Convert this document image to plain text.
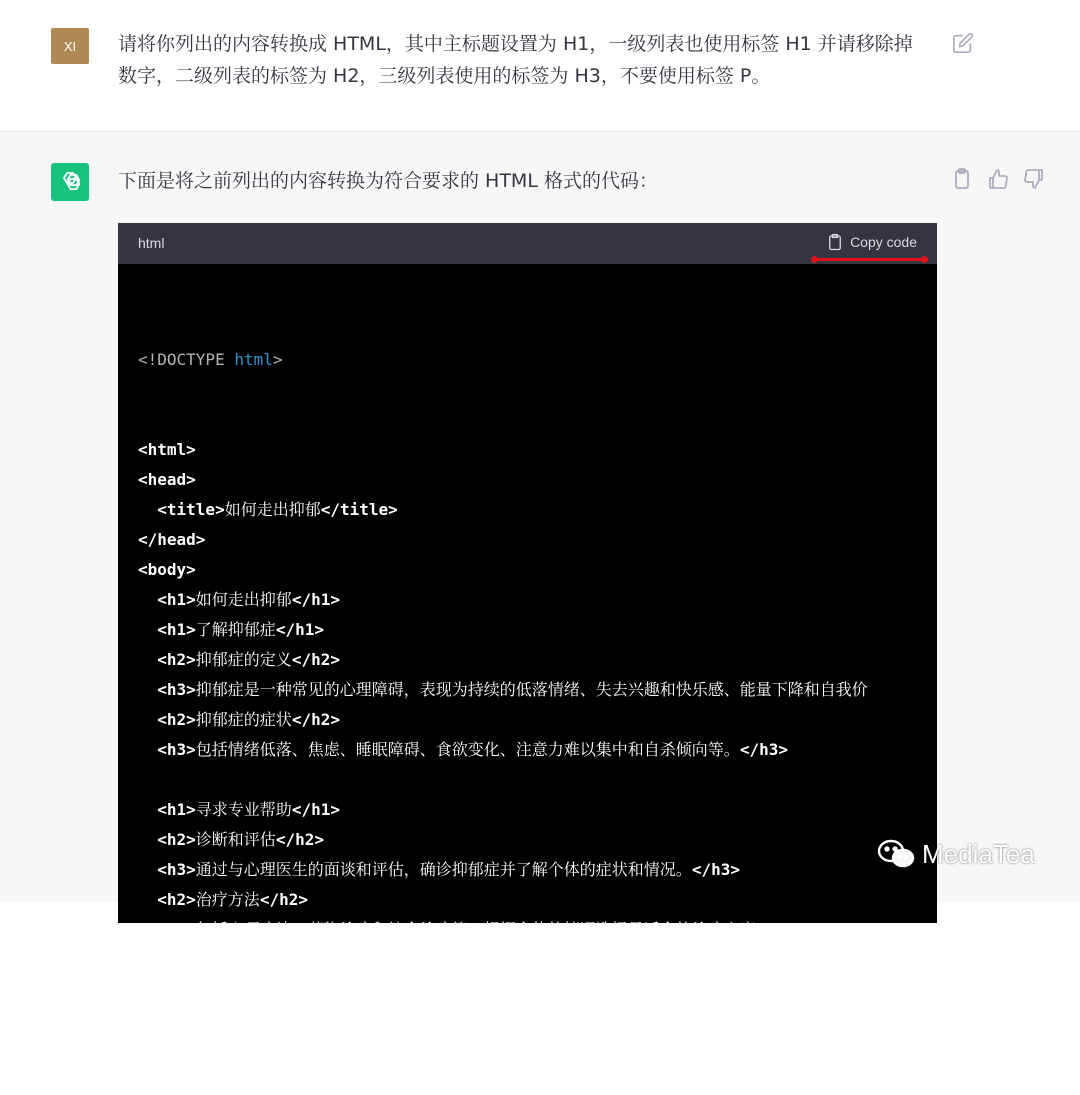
XI	请将你列出的内容转换成 HTML，其中主标题设置为 H1，一级列表也使用标签 H1 并请移除掉数字，二级列表的标签为 H2，三级列表使用的标签为 H3，不要使用标签 P。
下面是将之前列出的内容转换为符合要求的 HTML 格式的代码：
html	Copy code

<!DOCTYPE html>

<html>
<head>
<title>如何走出抑郁</title>
</head>
<body>
<h1>如何走出抑郁</h1>
<h1>了解抑郁症</h1>
<h2>抑郁症的定义</h2>
<h3>抑郁症是一种常见的心理障碍，表现为持续的低落情绪、失去兴趣和快乐感、能量下降和自我价
<h2>抑郁症的症状</h2>
<h3>包括情绪低落、焦虑、睡眠障碍、食欲变化、注意力难以集中和自杀倾向等。</h3>
<h1>寻求专业帮助</h1>
<h2>诊断和评估</h2>
<h3>通过与心理医生的面谈和评估，确诊抑郁症并了解个体的症状和情况。</h3>
<h2>治疗方法</h2>
<h3>包括心理疗法、药物治疗和综合治疗等，根据个体的情况选择最适合的治疗方案。</h3>
<h1>建立健康的生活方式</h1>
<h2>规律的作息时间</h2>

MediaTea
